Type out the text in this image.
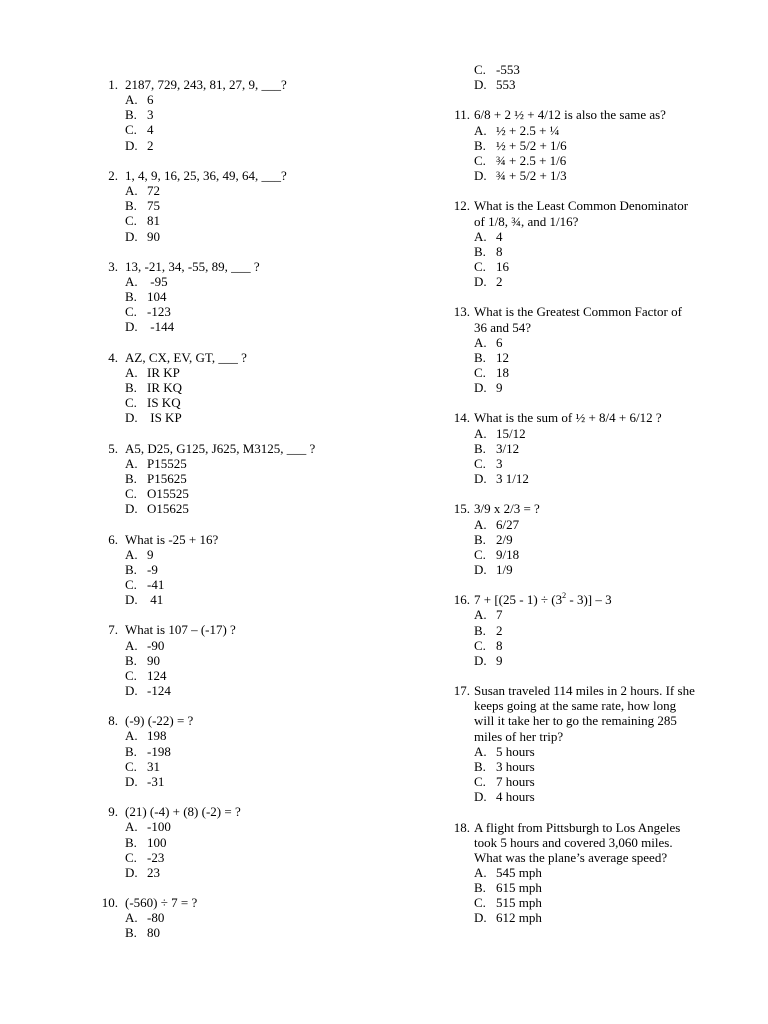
1. 2187, 729, 243, 81, 27, 9, ___?
A. 6
B. 3
C. 4
D. 2
2. 1, 4, 9, 16, 25, 36, 49, 64, ___?
A. 72
B. 75
C. 81
D. 90
3. 13, -21, 34, -55, 89, ___ ?
A. -95
B. 104
C. -123
D. -144
4. AZ, CX, EV, GT, ___ ?
A. IR KP
B. IR KQ
C. IS KQ
D. IS KP
5. A5, D25, G125, J625, M3125, ___ ?
A. P15525
B. P15625
C. O15525
D. O15625
6. What is -25 + 16?
A. 9
B. -9
C. -41
D. 41
7. What is 107 – (-17) ?
A. -90
B. 90
C. 124
D. -124
8. (-9) (-22) = ?
A. 198
B. -198
C. 31
D. -31
9. (21) (-4) + (8) (-2) = ?
A. -100
B. 100
C. -23
D. 23
10. (-560) ÷ 7 = ?
A. -80
B. 80
C. -553
D. 553
11. 6/8 + 2 ½ + 4/12 is also the same as?
A. ½ + 2.5 + ¼
B. ½ + 5/2 + 1/6
C. ¾ + 2.5 + 1/6
D. ¾ + 5/2 + 1/3
12. What is the Least Common Denominator
of 1/8, ¾, and 1/16?
A. 4
B. 8
C. 16
D. 2
13. What is the Greatest Common Factor of
36 and 54?
A. 6
B. 12
C. 18
D. 9
14. What is the sum of ½ + 8/4 + 6/12 ?
A. 15/12
B. 3/12
C. 3
D. 3 1/12
15. 3/9 x 2/3 = ?
A. 6/27
B. 2/9
C. 9/18
D. 1/9
16. $7 + [(25 - 1) \div (3^2 - 3)] - 3$
A. 7
B. 2
C. 8
D. 9
17. Susan traveled 114 miles in 2 hours. If she
keeps going at the same rate, how long
will it take her to go the remaining 285
miles of her trip?
A. 5 hours
B. 3 hours
C. 7 hours
D. 4 hours
18. A flight from Pittsburgh to Los Angeles
took 5 hours and covered 3,060 miles.
What was the plane’s average speed?
A. 545 mph
B. 615 mph
C. 515 mph
D. 612 mph
